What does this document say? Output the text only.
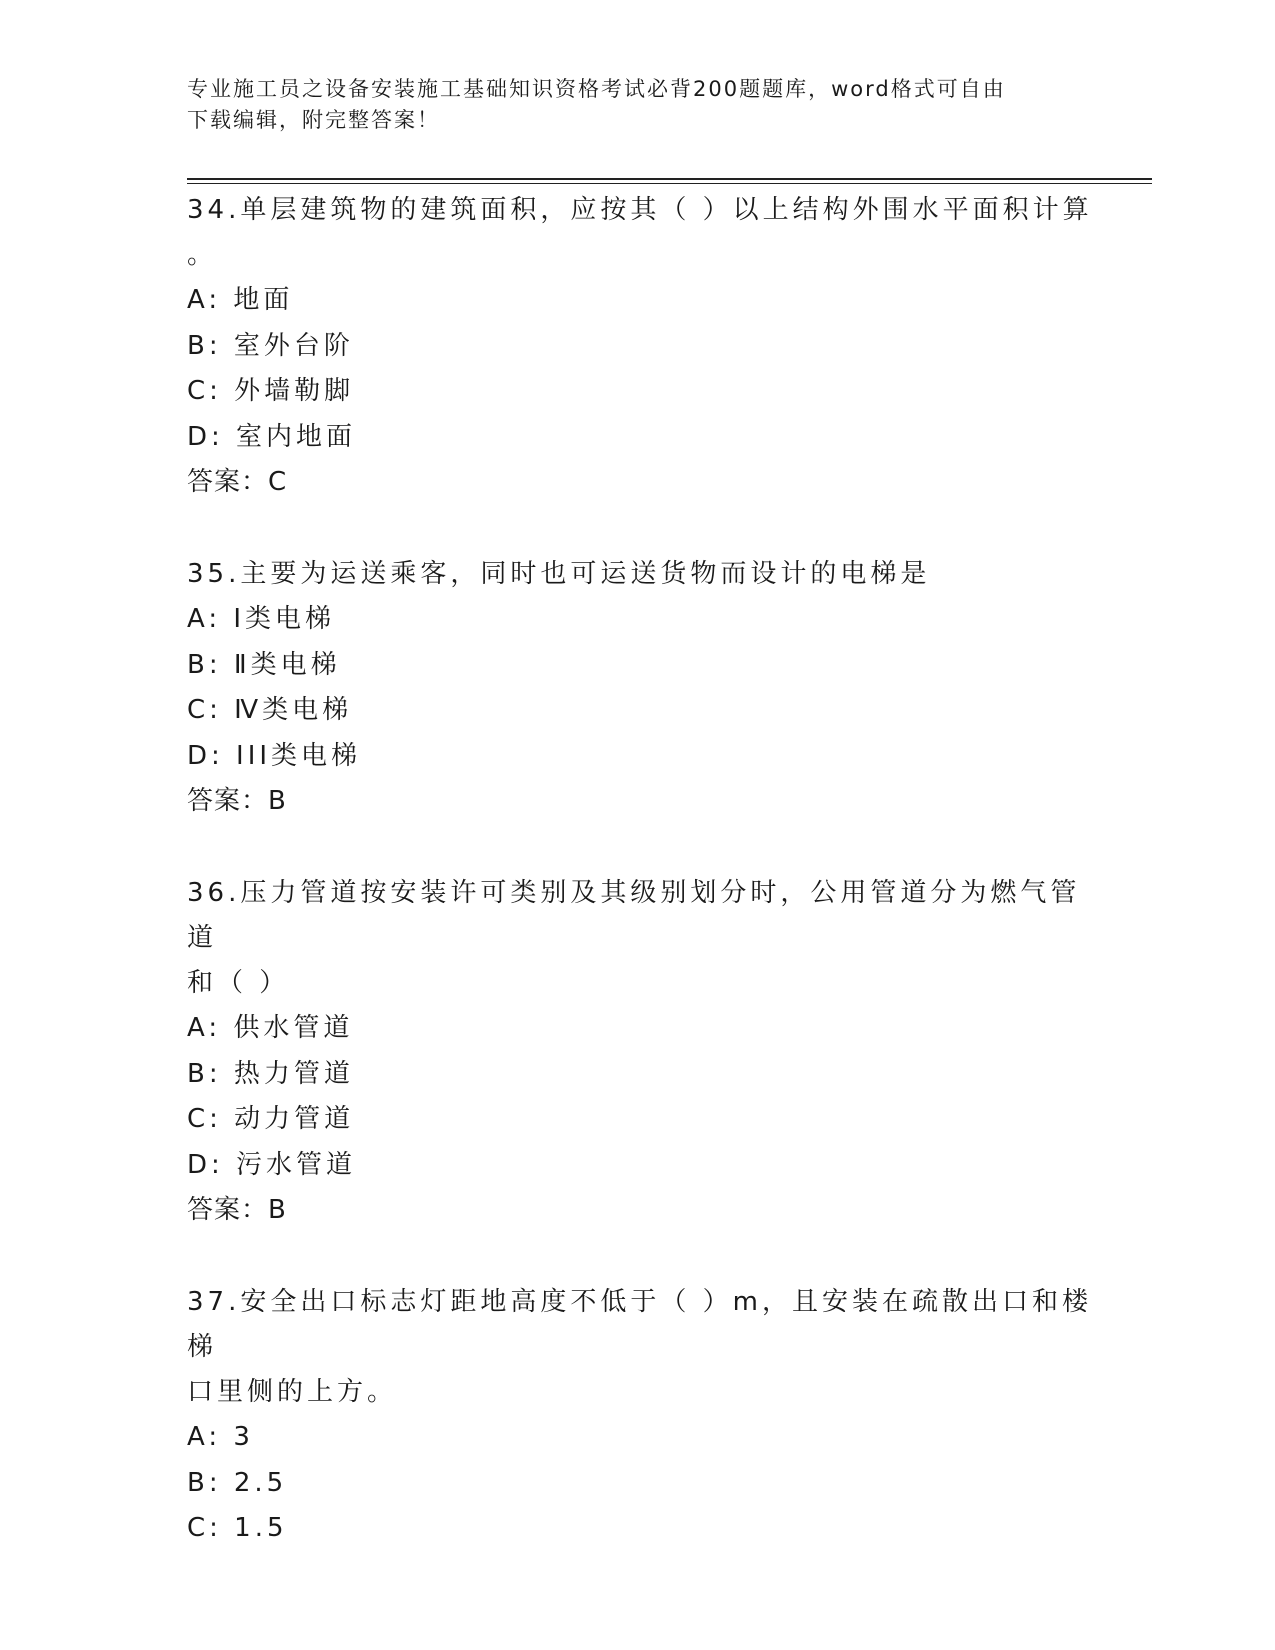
专业施工员之设备安装施工基础知识资格考试必背200题题库，word格式可自由
下载编辑，附完整答案！
34.单层建筑物的建筑面积，应按其（ ）以上结构外围水平面积计算
。
A: 地面
B: 室外台阶
C: 外墙勒脚
D: 室内地面
答案：C
35.主要为运送乘客，同时也可运送货物而设计的电梯是
A: I类电梯
B: Ⅱ类电梯
C: Ⅳ类电梯
D: III类电梯
答案：B
36.压力管道按安装许可类别及其级别划分时，公用管道分为燃气管道
和（ ）
A: 供水管道
B: 热力管道
C: 动力管道
D: 污水管道
答案：B
37.安全出口标志灯距地高度不低于（ ）m，且安装在疏散出口和楼梯
口里侧的上方。
A: 3
B: 2.5
C: 1.5
